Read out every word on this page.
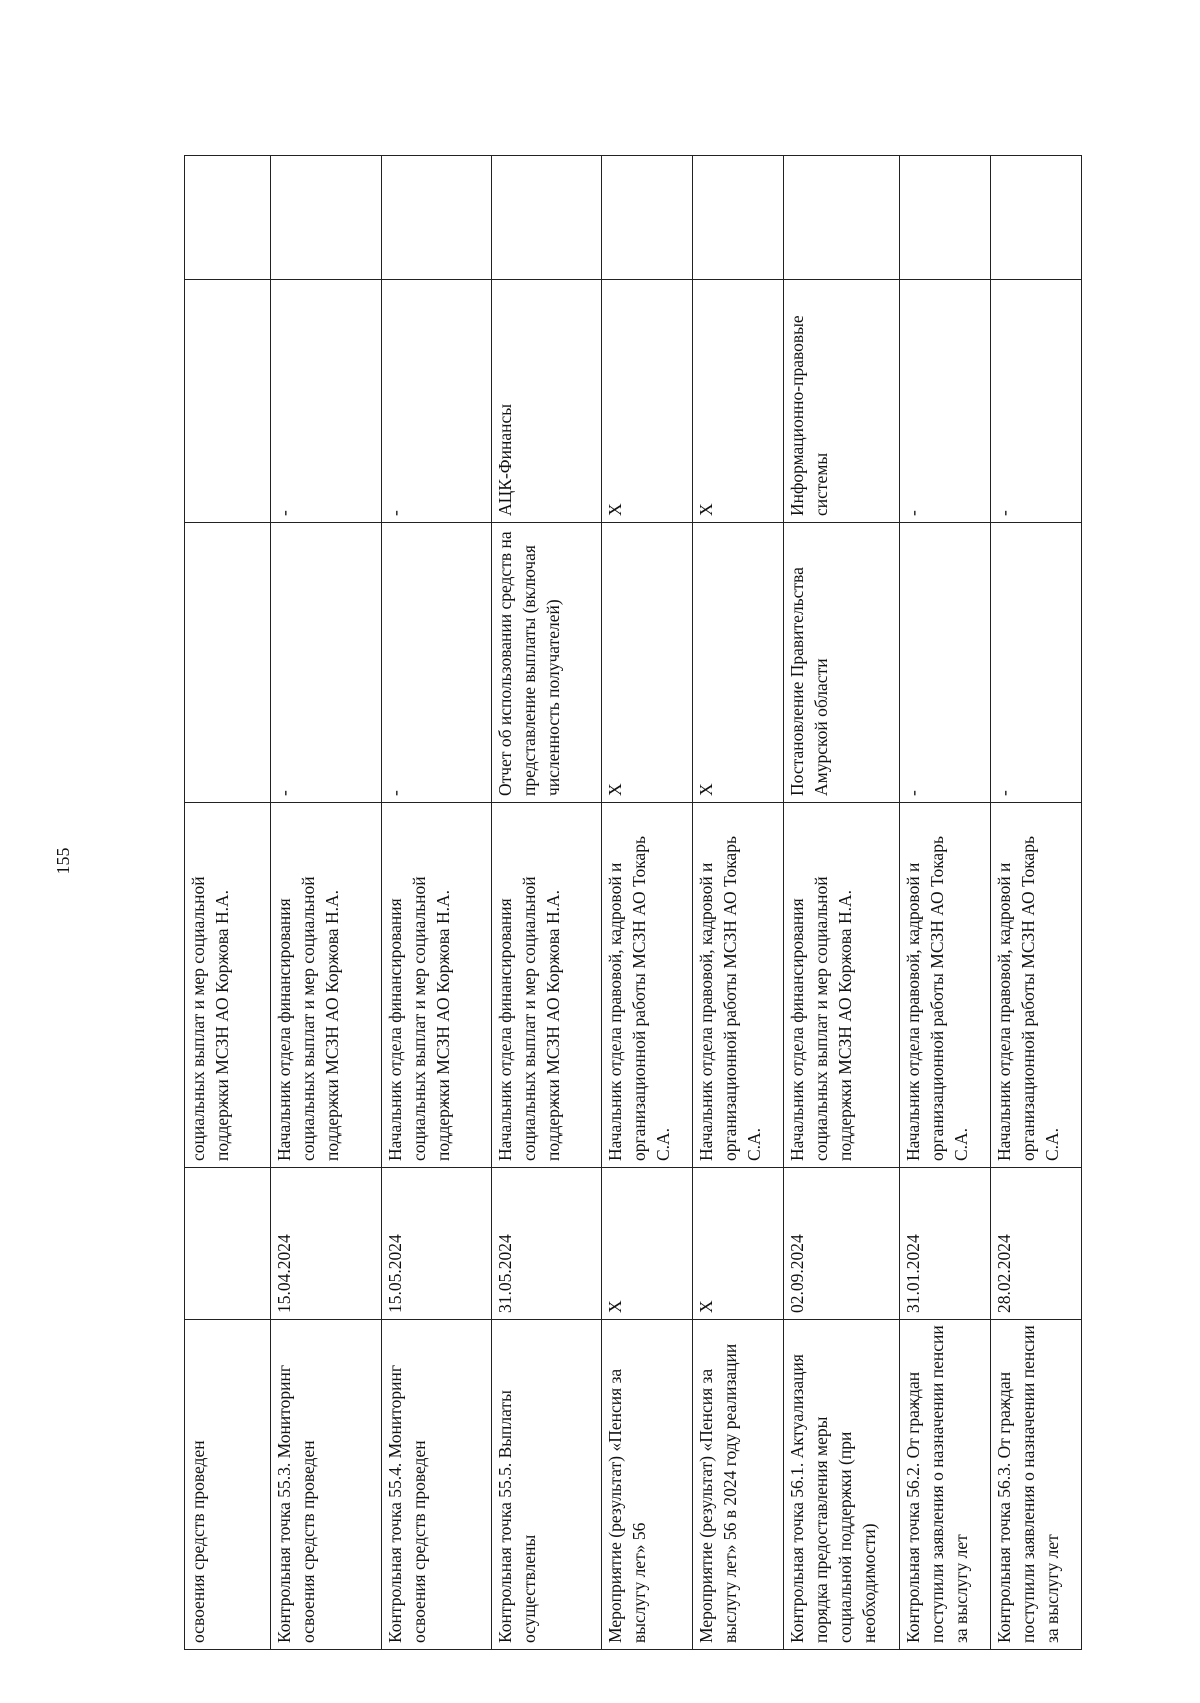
155
освоения средств проведен		социальных выплат и мер социальной поддержки МСЗН АО Коржова Н.А.			
Контрольная точка 55.3. Мониторинг освоения средств проведен	15.04.2024	Начальник отдела финансирования социальных выплат и мер социальной поддержки МСЗН АО Коржова Н.А.	-	-	
Контрольная точка 55.4. Мониторинг освоения средств проведен	15.05.2024	Начальник отдела финансирования социальных выплат и мер социальной поддержки МСЗН АО Коржова Н.А.	-	-	
Контрольная точка 55.5. Выплаты осуществлены	31.05.2024	Начальник отдела финансирования социальных выплат и мер социальной поддержки МСЗН АО Коржова Н.А.	Отчет об использовании средств на представление выплаты (включая численность получателей)	АЦК-Финансы	
Мероприятие (результат) «Пенсия за выслугу лет» 56	X	Начальник отдела правовой, кадровой и организационной работы МСЗН АО Токарь С.А.	X	X	
Мероприятие (результат) «Пенсия за выслугу лет» 56 в 2024 году реализации	X	Начальник отдела правовой, кадровой и организационной работы МСЗН АО Токарь С.А.	X	X	
Контрольная точка 56.1. Актуализация порядка предоставления меры социальной поддержки (при необходимости)	02.09.2024	Начальник отдела финансирования социальных выплат и мер социальной поддержки МСЗН АО Коржова Н.А.	Постановление Правительства Амурской области	Информационно-правовые системы	
Контрольная точка 56.2. От граждан поступили заявления о назначении пенсии за выслугу лет	31.01.2024	Начальник отдела правовой, кадровой и организационной работы МСЗН АО Токарь С.А.	-	-	
Контрольная точка 56.3. От граждан поступили заявления о назначении пенсии за выслугу лет	28.02.2024	Начальник отдела правовой, кадровой и организационной работы МСЗН АО Токарь С.А.	-	-	
